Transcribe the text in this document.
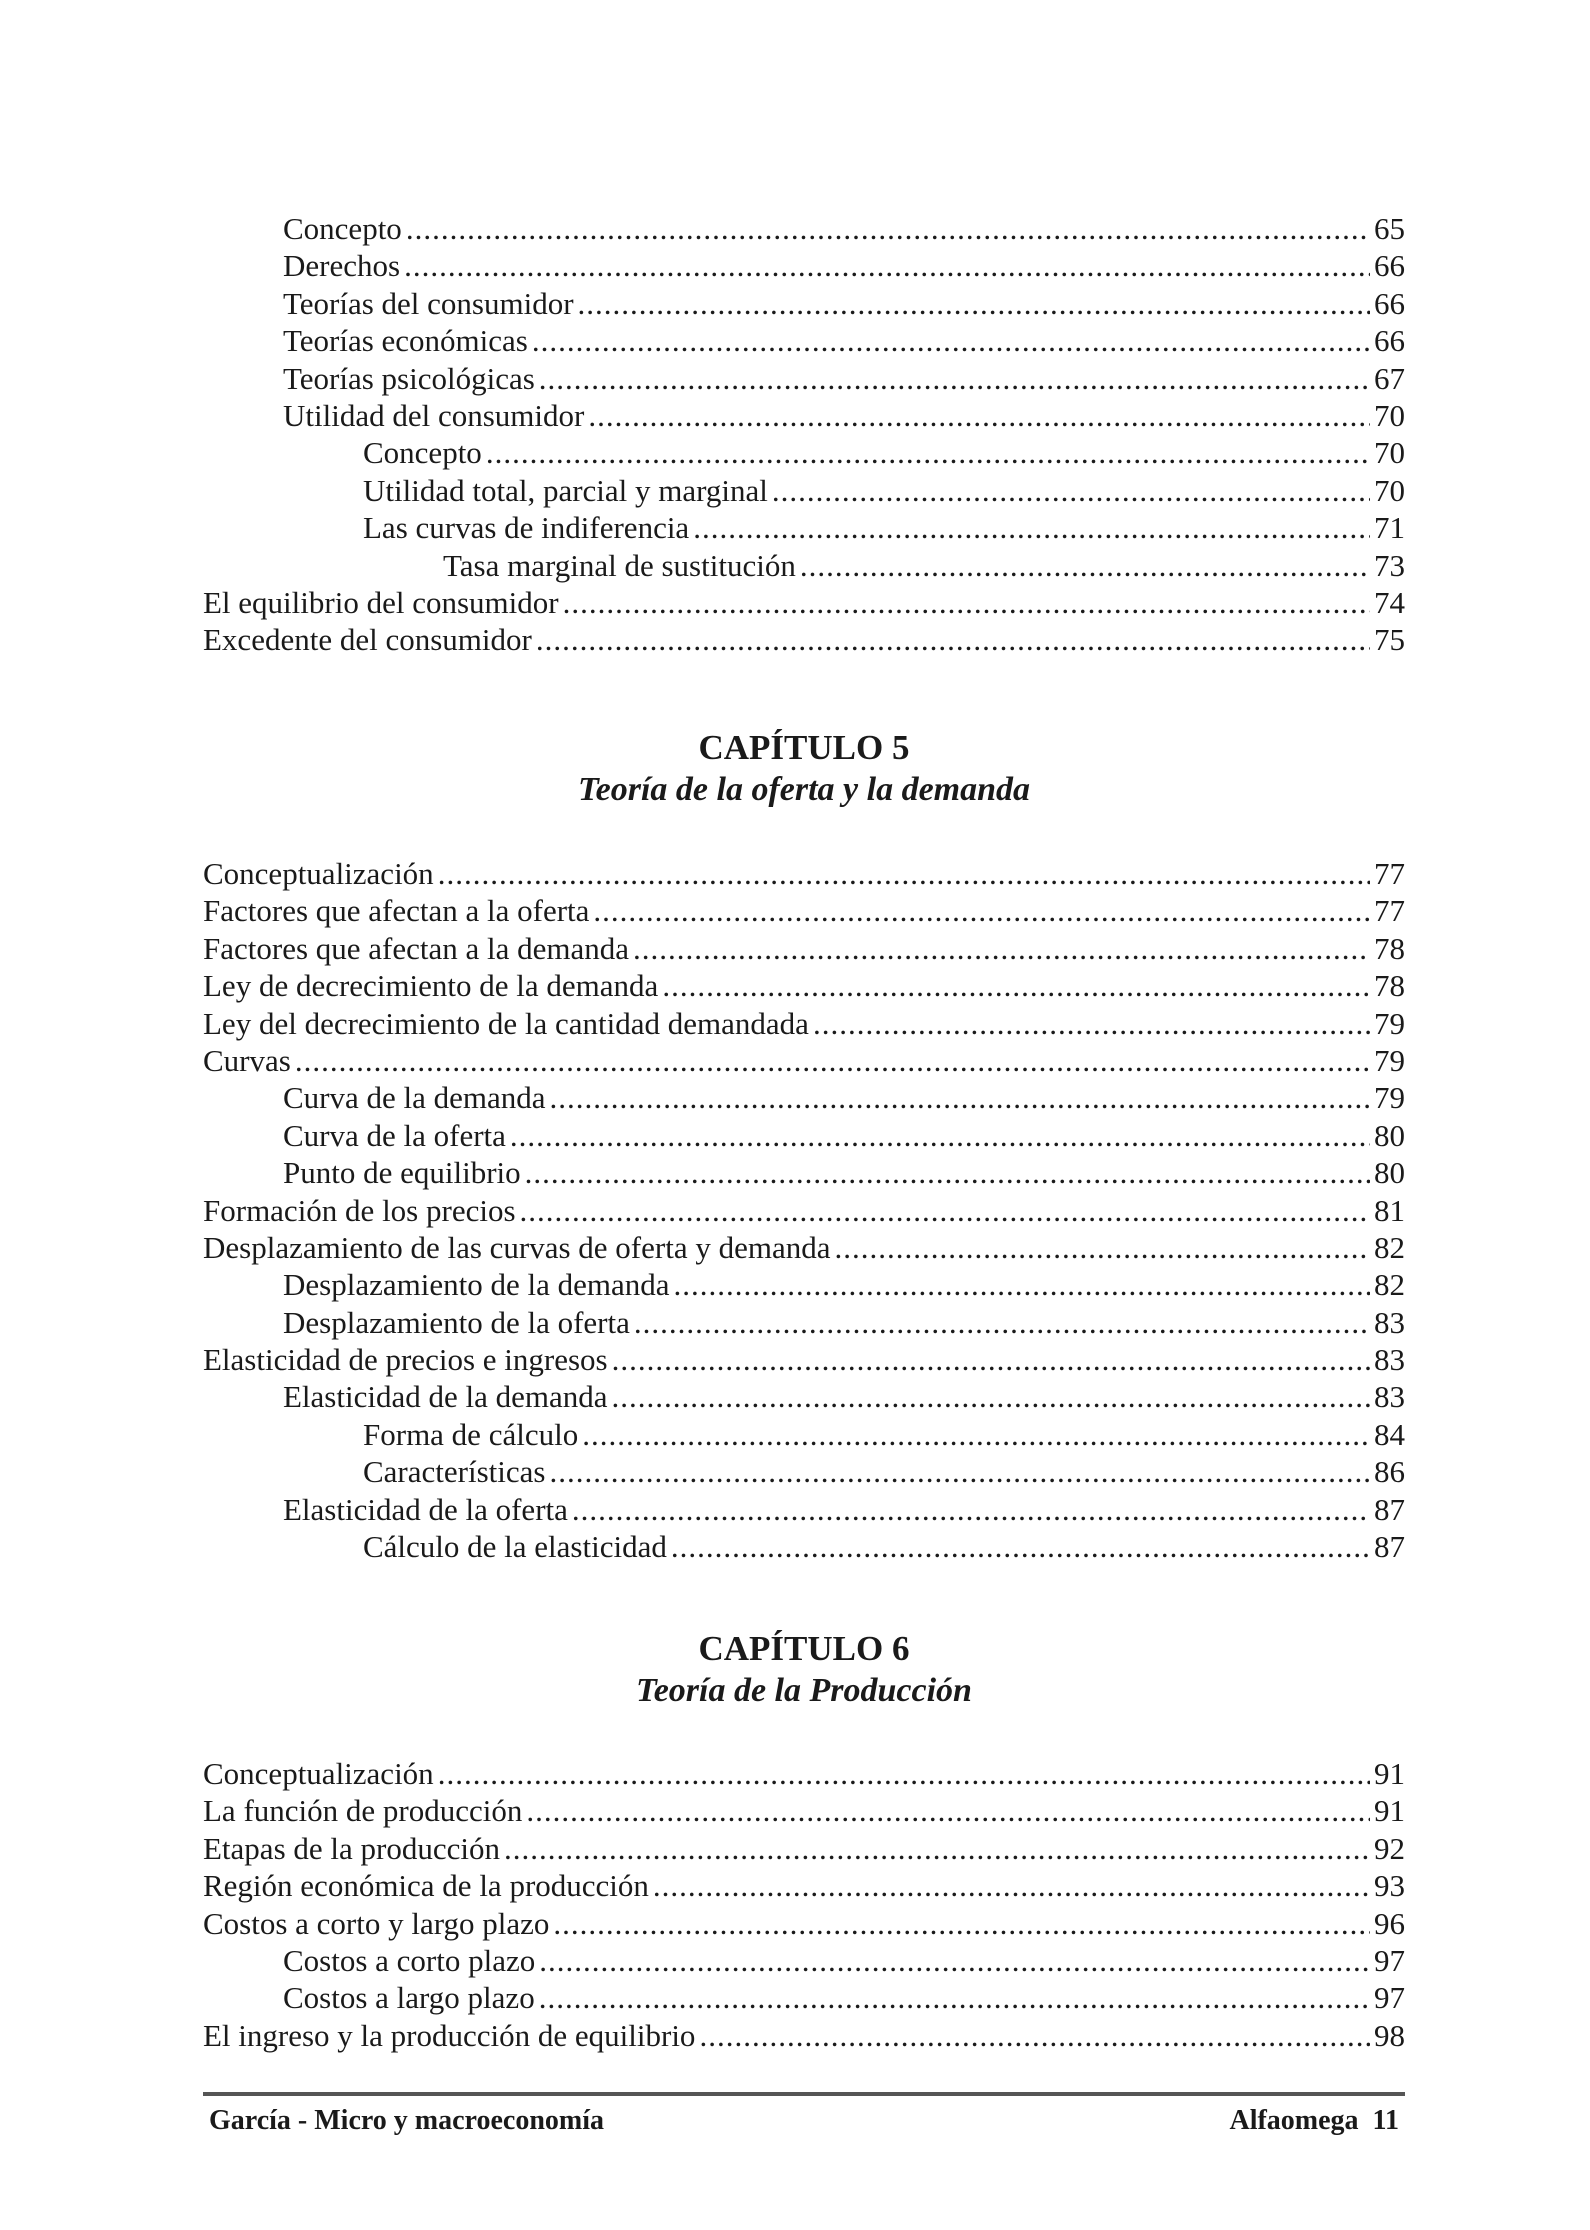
Concepto .....	65
Derechos .....	66
Teorías del consumidor .....	66
Teorías económicas .....	66
Teorías psicológicas .....	67
Utilidad del consumidor .....	70
Concepto .....	70
Utilidad total, parcial y marginal .....	70
Las curvas de indiferencia .....	71
Tasa marginal de sustitución .....	73
El equilibrio del consumidor .....	74
Excedente del consumidor .....	75
CAPÍTULO 5
Teoría de la oferta y la demanda
Conceptualización .....	77
Factores que afectan a la oferta .....	77
Factores que afectan a la demanda .....	78
Ley de decrecimiento de la demanda .....	78
Ley del decrecimiento de la cantidad demandada .....	79
Curvas .....	79
Curva de la demanda .....	79
Curva de la oferta .....	80
Punto de equilibrio .....	80
Formación de los precios .....	81
Desplazamiento de las curvas de oferta y demanda .....	82
Desplazamiento de la demanda .....	82
Desplazamiento de la oferta .....	83
Elasticidad de precios e ingresos .....	83
Elasticidad de la demanda .....	83
Forma de cálculo .....	84
Características .....	86
Elasticidad de la oferta .....	87
Cálculo de la elasticidad .....	87
CAPÍTULO 6
Teoría de la Producción
Conceptualización .....	91
La función de producción .....	91
Etapas de la producción .....	92
Región económica de la producción .....	93
Costos a corto y largo plazo .....	96
Costos a corto plazo .....	97
Costos a largo plazo .....	97
El ingreso y la producción de equilibrio .....	98
García - Micro y macroeconomía	Alfaomega  11
